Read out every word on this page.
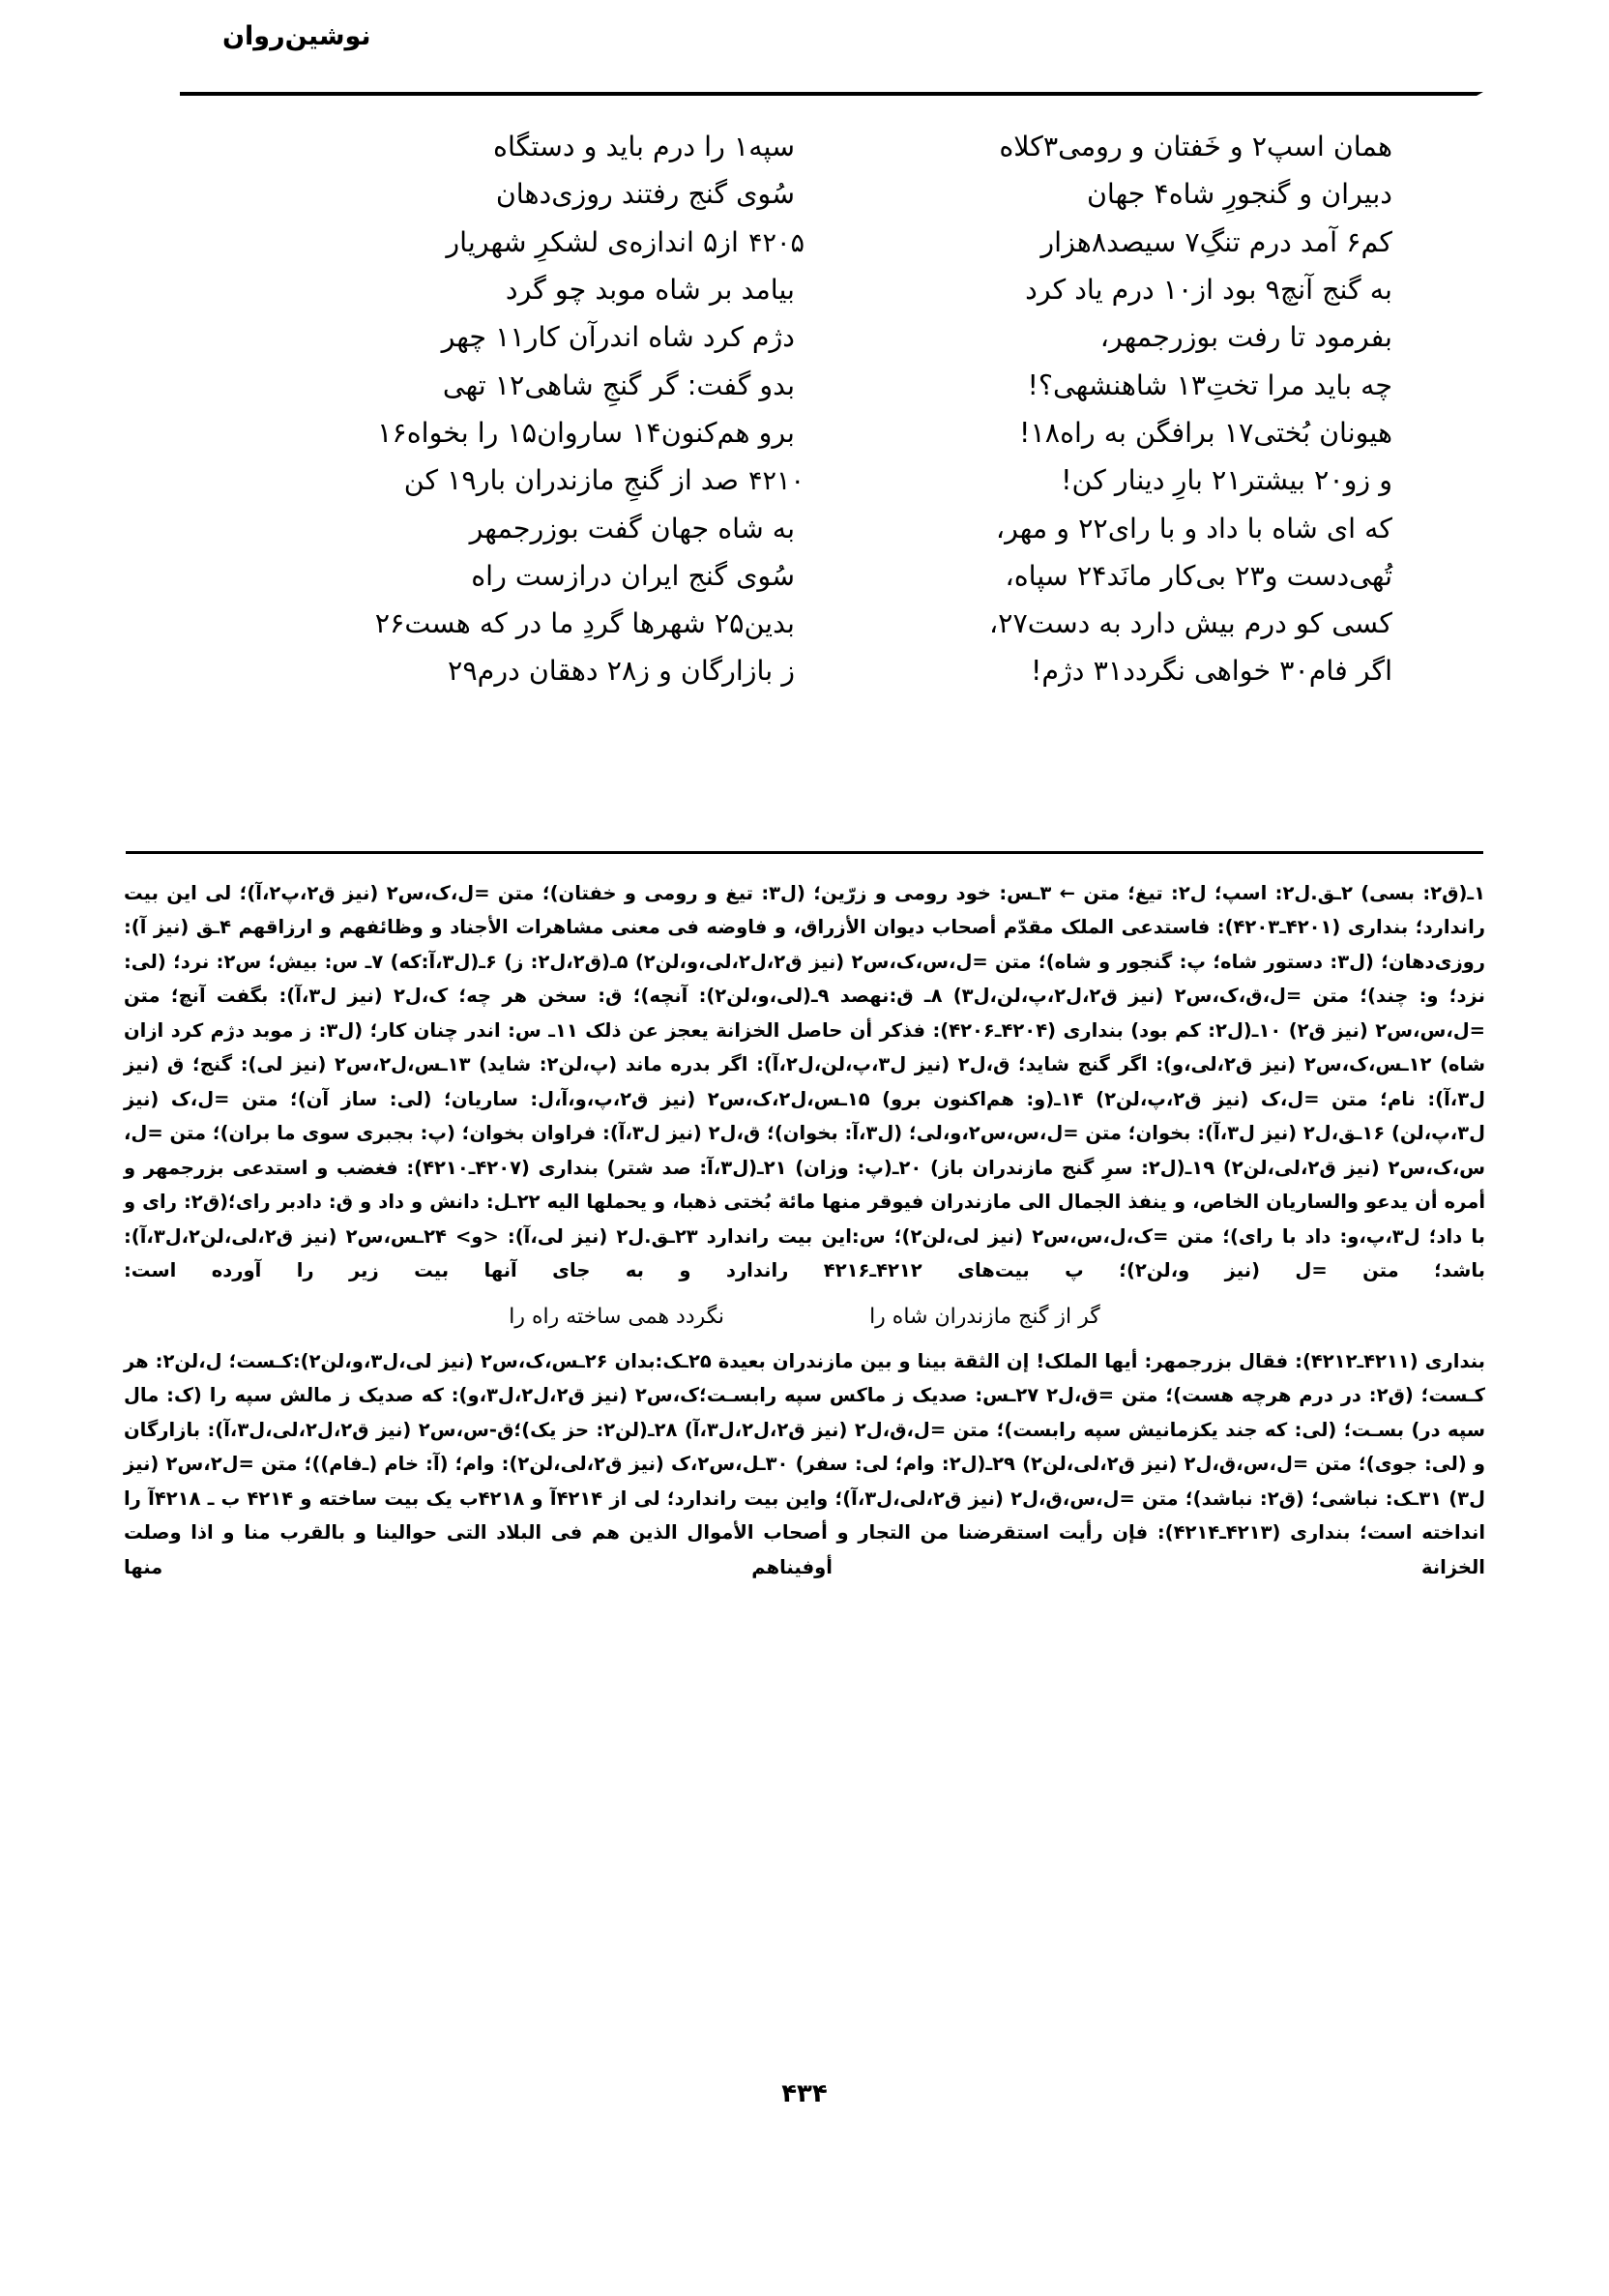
نوشین‌روان
همان اسپ۲ و خَفتان و رومی۳کلاه
سپه۱ را درم باید و دستگاه
دبیران و گنجورِ شاه۴ جهان
سُوی گنج رفتند روزی‌دهان
کم۶ آمد درم تنگِ۷ سیصد۸هزار
۴۲۰۵از۵ اندازه‌ی لشکرِ شهریار
به گنج آنچ۹ بود از۱۰ درم یاد کرد
بیامد بر شاه موبد چو گرد
بفرمود تا رفت بوزرجمهر،
دژم کرد شاه اندرآن کار۱۱ چهر
چه باید مرا تختِ۱۳ شاهنشهی؟!
بدو گفت: گر گنجِ شاهی۱۲ تهی
هیونان بُختی۱۷ برافگن به راه۱۸!
برو هم‌کنون۱۴ ساروان۱۵ را بخواه۱۶
و زو۲۰ بیشتر۲۱ بارِ دینار کن!
۴۲۱۰صد از گنجِ مازندران بار۱۹ کن
که ای شاه با داد و با رای۲۲ و مهر،
به شاه جهان گفت بوزرجمهر
تُهی‌دست و۲۳ بی‌کار مانَد۲۴ سپاه،
سُوی گنج ایران درازست راه
کسی کو درم بیش دارد به دست۲۷،
بدین۲۵ شهرها گردِ ما در که هست۲۶
اگر فام۳۰ خواهی نگردد۳۱ دژم!
ز بازارگان و ز۲۸ دهقان درم۲۹

۱ـ(ق۲: بسی) ۲ـق.ل۲: اسپ؛ ل۲: تیغ؛ متن ← ۳ـس: خود رومی و زرّین؛ (ل۳: تیغ و رومی و خفتان)؛ متن =ل،ک،س۲ (نیز ق۲،پ۲،آ)؛ لی این بیت راندارد؛ بنداری (۴۲۰۱ـ۴۲۰۳): فاستدعی الملک مقدّم أصحاب دیوان الأزراق، و فاوضه فی معنی مشاهرات الأجناد و وظائفهم و ارزاقهم ۴ـق (نیز آ): روزی‌دهان؛ (ل۳: دستور شاه؛ پ: گنجور و شاه)؛ متن =ل،س،ک،س۲ (نیز ق۲،ل۲،لی،و،لن۲) ۵ـ(ق۲،ل۲: ز) ۶ـ(ل۳،آ:که) ۷ـ س: بیش؛ س۲: نرد؛ (لی: نزد؛ و: چند)؛ متن =ل،ق،ک،س۲ (نیز ق۲،ل۲،پ،لن،ل۳) ۸ـ ق:نهصد ۹ـ(لی،و،لن۲): آنچه)؛ ق: سخن هر چه؛ ک،ل۲ (نیز ل۳،آ): بگفت آنچ؛ متن =ل،س،س۲ (نیز ق۲) ۱۰ـ(ل۲: کم بود) بنداری (۴۲۰۴ـ۴۲۰۶): فذکر أن حاصل الخزانة یعجز عن ذلک ۱۱ـ س: اندر چنان کار؛ (ل۳: ز موبد دژم کرد ازان شاه) ۱۲ـس،ک،س۲ (نیز ق۲،لی،و): اگر گنج شاید؛ ق،ل۲ (نیز ل۳،پ،لن،ل۲،آ): اگر بدره ماند (پ،لن۲: شاید) ۱۳ـس،ل۲،س۲ (نیز لی): گنج؛ ق (نیز ل۳،آ): نام؛ متن =ل،ک (نیز ق۲،پ،لن۲) ۱۴ـ(و: هم‌اکنون برو) ۱۵ـس،ل۲،ک،س۲ (نیز ق۲،پ،و،آ،ل: ساریان؛ (لی: ساز آن)؛ متن =ل،ک (نیز ل۳،پ،لن) ۱۶ـق،ل۲ (نیز ل۳،آ): بخوان؛ متن =ل،س،س۲،و،لی؛ (ل۳،آ: بخوان)؛ ق،ل۲ (نیز ل۳،آ): فراوان بخوان؛ (پ: بجبری سوی ما بران)؛ متن =ل، س،ک،س۲ (نیز ق۲،لی،لن۲) ۱۹ـ(ل۲: سرِ گنج مازندران باز) ۲۰ـ(پ: وزان) ۲۱ـ(ل۳،آ: صد شتر) بنداری (۴۲۰۷ـ۴۲۱۰): فغضب و استدعی بزرجمهر و أمره أن یدعو والساریان الخاص، و ینفذ الجمال الی مازندران فیوقر منها مائة بُختی ذهبا، و یحملها الیه ۲۲ـل: دانش و داد و ق: دادبر رای؛(ق۲: رای و با داد؛ ل۳،پ،و: داد با رای)؛ متن =ک،ل،س،س۲ (نیز لی،لن۲)؛ س:این بیت راندارد ۲۳ـق.ل۲ (نیز لی،آ): <و> ۲۴ـس،س۲ (نیز ق۲،لی،لن۲،ل۳،آ): باشد؛ متن =ل (نیز و،لن۲)؛ پ بیت‌های ۴۲۱۲ـ۴۲۱۶ راندارد و به جای آنها بیت زیر را آورده است:

گر از گنج مازندران شاه را
نگردد همی ساخته راه را

بنداری (۴۲۱۱ـ۴۲۱۲): فقال بزرجمهر: أیها الملک! إن الثقة بینا و بین مازندران بعیدة ۲۵ـک:بدان ۲۶ـس،ک،س۲ (نیز لی،ل۳،و،لن۲):کـست؛ ل،لن۲: هر کـست؛ (ق۲: در درم هرچه هست)؛ متن =ق،ل۲ ۲۷ـس: صدیک ز ماکس سپه رابسـت؛ک،س۲ (نیز ق۲،ل۲،ل۳،و): که صدیک ز مالش سپه را (ک: مال سپه در) بسـت؛ (لی: که جند یکزمانیش سپه رابست)؛ متن =ل،ق،ل۲ (نیز ق۲،ل۲،ل۳،آ) ۲۸ـ(لن۲: حز یک)؛ق-س،س۲ (نیز ق۲،ل۲،لی،ل۳،آ): بازارگان و (لی: جوی)؛ متن =ل،س،ق،ل۲ (نیز ق۲،لی،لن۲) ۲۹ـ(ل۲: وام؛ لی: سفر) ۳۰ـل،س۲،ک (نیز ق۲،لی،لن۲): وام؛ (آ: خام (ـ‌فام))؛ متن =ل۲،س۲ (نیز ل۳) ۳۱ـک: نباشی؛ (ق۲: نباشد)؛ متن =ل،س،ق،ل۲ (نیز ق۲،لی،ل۳،آ)؛ واین بیت راندارد؛ لی از ۴۲۱۴آ و ۴۲۱۸ب یک بیت ساخته و ۴۲۱۴ ب ـ ۴۲۱۸آ را انداخته است؛ بنداری (۴۲۱۳ـ۴۲۱۴): فإن رأیت استقرضنا من التجار و أصحاب الأموال الذین هم فی البلاد التی حوالینا و بالقرب منا و اذا وصلت الخزانة أوفیناهم منها

۴۳۴
